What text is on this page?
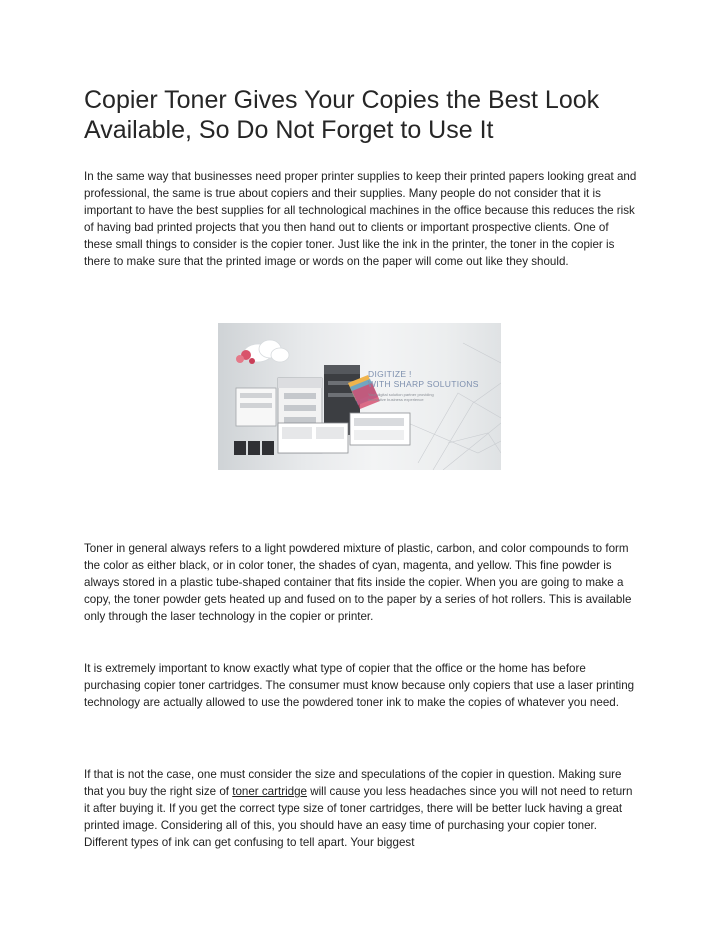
Copier Toner Gives Your Copies the Best Look Available, So Do Not Forget to Use It

In the same way that businesses need proper printer supplies to keep their printed papers looking great and professional, the same is true about copiers and their supplies. Many people do not consider that it is important to have the best supplies for all technological machines in the office because this reduces the risk of having bad printed projects that you then hand out to clients or important prospective clients. One of these small things to consider is the copier toner. Just like the ink in the printer, the toner in the copier is there to make sure that the printed image or words on the paper will come out like they should.

DIGITIZE !
WITH SHARP SOLUTIONS
Your digital solution partner providing innovative business experience

Toner in general always refers to a light powdered mixture of plastic, carbon, and color compounds to form the color as either black, or in color toner, the shades of cyan, magenta, and yellow. This fine powder is always stored in a plastic tube-shaped container that fits inside the copier. When you are going to make a copy, the toner powder gets heated up and fused on to the paper by a series of hot rollers. This is available only through the laser technology in the copier or printer.

It is extremely important to know exactly what type of copier that the office or the home has before purchasing copier toner cartridges. The consumer must know because only copiers that use a laser printing technology are actually allowed to use the powdered toner ink to make the copies of whatever you need.

If that is not the case, one must consider the size and speculations of the copier in question. Making sure that you buy the right size of toner cartridge will cause you less headaches since you will not need to return it after buying it. If you get the correct type size of toner cartridges, there will be better luck having a great printed image. Considering all of this, you should have an easy time of purchasing your copier toner. Different types of ink can get confusing to tell apart. Your biggest
